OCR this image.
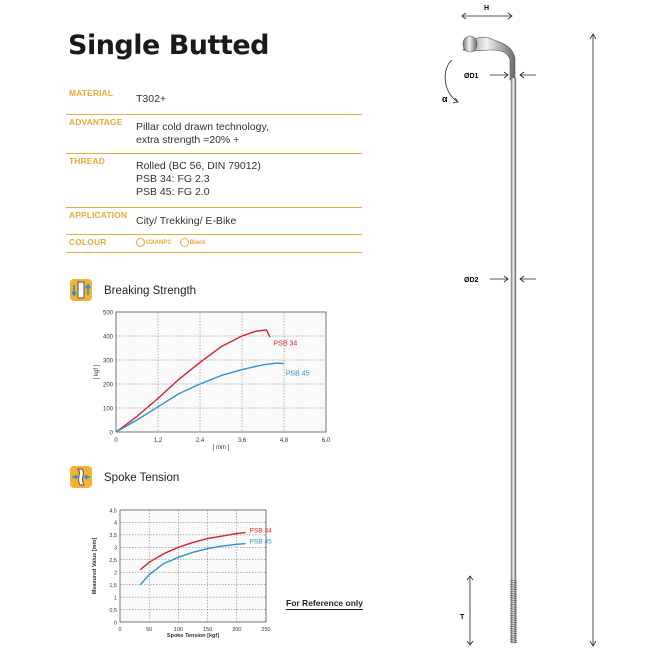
Single Butted
MATERIAL T302+
ADVANTAGE Pillar cold drawn technology,
extra strength =20% +
THREAD	Rolled (BC 56, DIN 79012)
PSB 34: FG 2.3
PSB 45: FG 2.0
APPLICATION City/ Trekking/ E-Bike
COLOUR	OXANPC	Black
Breaking Strength
0	1,2	2,4	3,6	4,8	6,0
0
100
200
300
400
500
[ mm ]
[ kgf ]
PSB 34
PSB 45
Spoke Tension
0	50	100	150	200	250
0
0,5
1
1,5
2
2,5
3
3,5
4
4,5
Spoke Tension [kgf]
Measured Value [mm]
PSB 34
PSB 45
For Reference only
H
α
ØD1
ØD2
T
